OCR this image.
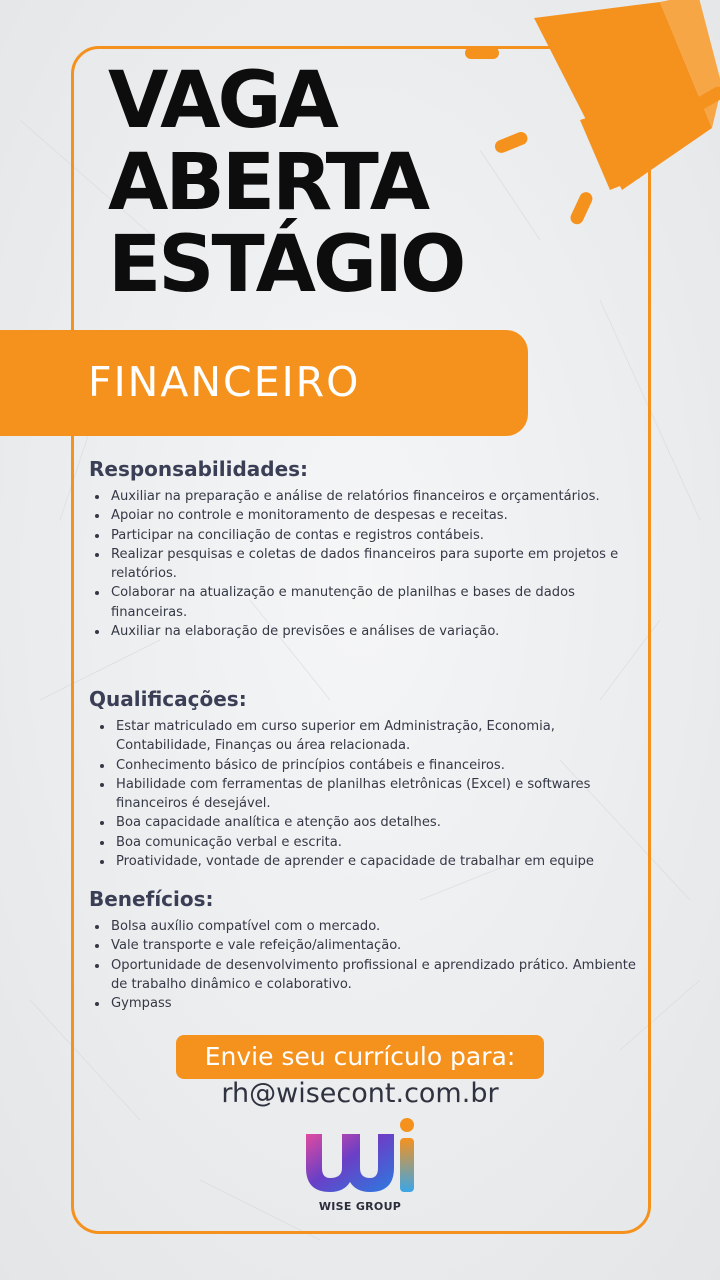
VAGA
ABERTA
ESTÁGIO
FINANCEIRO
Responsabilidades:
• Auxiliar na preparação e análise de relatórios financeiros e orçamentários.
• Apoiar no controle e monitoramento de despesas e receitas.
• Participar na conciliação de contas e registros contábeis.
• Realizar pesquisas e coletas de dados financeiros para suporte em projetos e relatórios.
• Colaborar na atualização e manutenção de planilhas e bases de dados financeiras.
• Auxiliar na elaboração de previsões e análises de variação.
Qualificações:
• Estar matriculado em curso superior em Administração, Economia, Contabilidade, Finanças ou área relacionada.
• Conhecimento básico de princípios contábeis e financeiros.
• Habilidade com ferramentas de planilhas eletrônicas (Excel) e softwares financeiros é desejável.
• Boa capacidade analítica e atenção aos detalhes.
• Boa comunicação verbal e escrita.
• Proatividade, vontade de aprender e capacidade de trabalhar em equipe
Benefícios:
• Bolsa auxílio compatível com o mercado.
• Vale transporte e vale refeição/alimentação.
• Oportunidade de desenvolvimento profissional e aprendizado prático. Ambiente de trabalho dinâmico e colaborativo.
• Gympass
Envie seu currículo para:
rh@wisecont.com.br
WISE GROUP
